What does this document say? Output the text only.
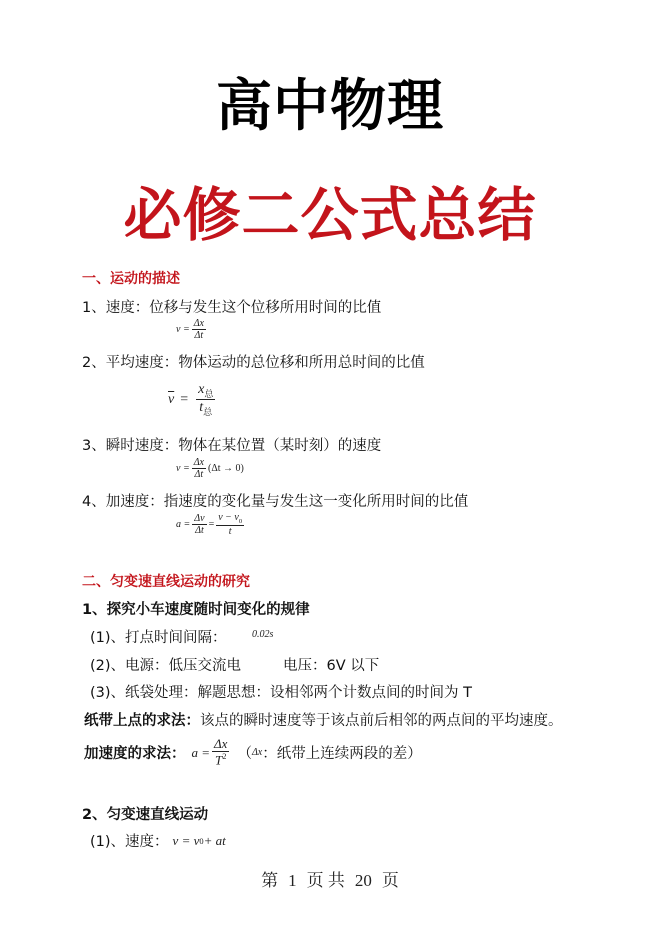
高中物理
必修二公式总结
一、运动的描述
1、速度：位移与发生这个位移所用时间的比值
$v = \frac{\Delta x}{\Delta t}$
2、平均速度：物体运动的总位移和所用总时间的比值
$\overline{v}$ =
$x_总$
$t_总$
3、瞬时速度：物体在某位置（某时刻）的速度
$v = \frac{\Delta x}{\Delta t} (\Delta t \to 0)$
4、加速度：指速度的变化量与发生这一变化所用时间的比值
$a = \frac{\Delta v}{\Delta t} = \frac{v - v_0}{t}$
二、匀变速直线运动的研究
1、探究小车速度随时间变化的规律
(1)、打点时间间隔：	0.02s
(2)、电源：低压交流电	电压：6V 以下
(3)、纸袋处理：解题思想：设相邻两个计数点间的时间为 T
纸带上点的求法：该点的瞬时速度等于该点前后相邻的两点间的平均速度。
加速度的求法： $a = \frac{\Delta x}{T^2}$ （ Δx ：纸带上连续两段的差）
2、匀变速直线运动
(1)、速度： v = v 0 + at
第 1 页 共 20 页
